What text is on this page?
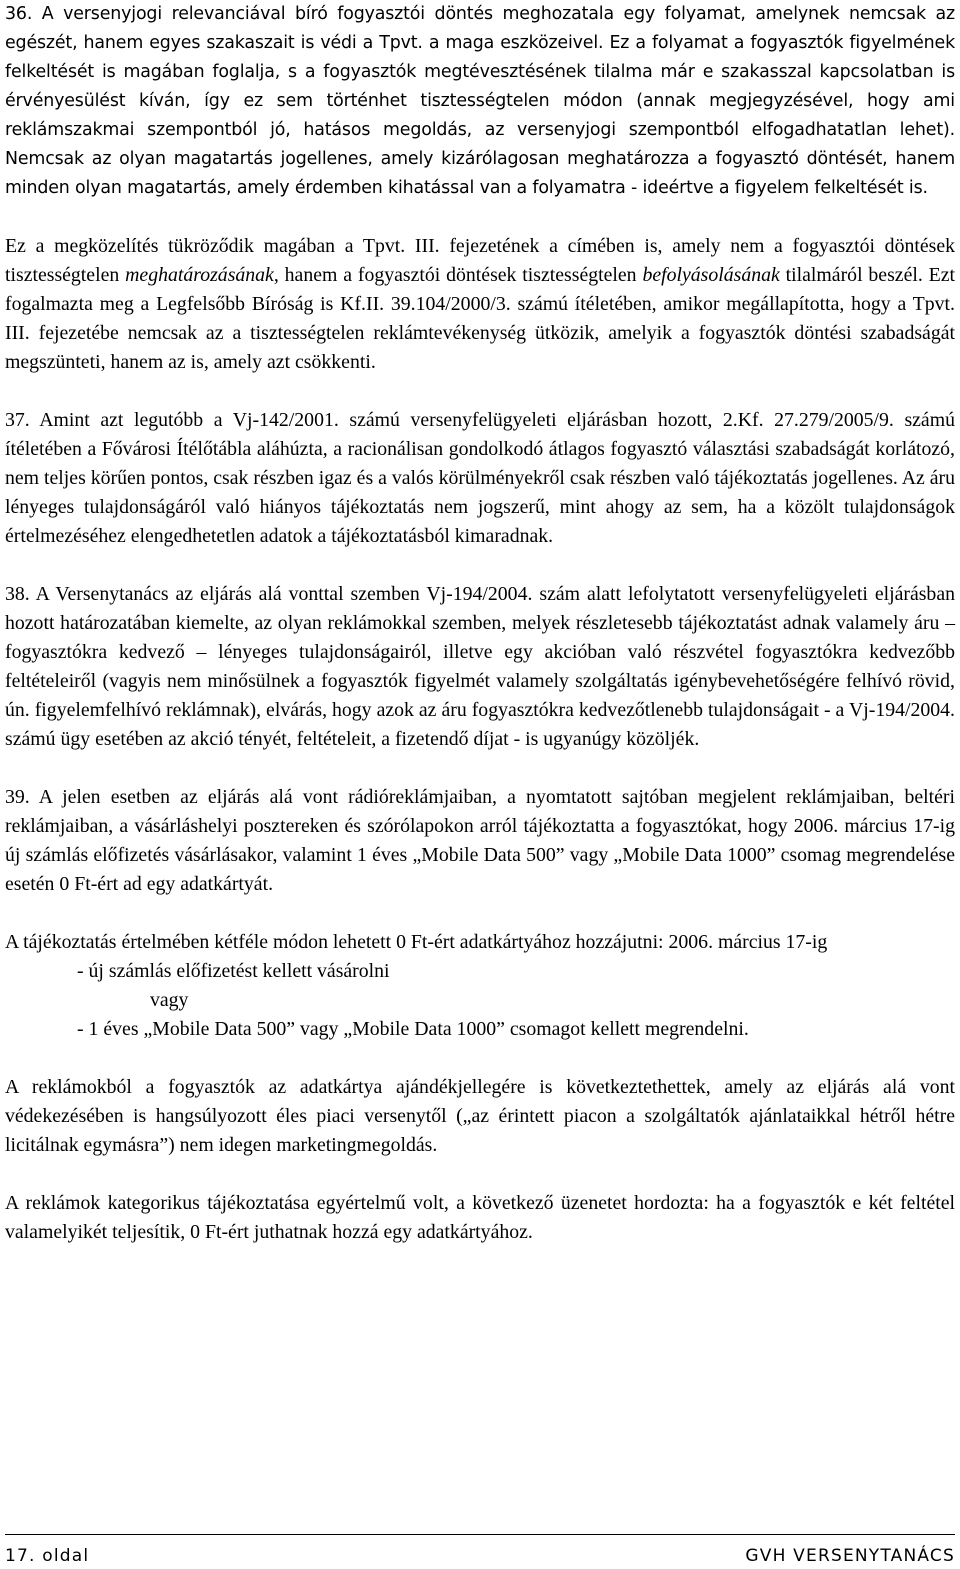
36. A versenyjogi relevanciával bíró fogyasztói döntés meghozatala egy folyamat, amelynek nemcsak az egészét, hanem egyes szakaszait is védi a Tpvt. a maga eszközeivel. Ez a folyamat a fogyasztók figyelmének felkeltését is magában foglalja, s a fogyasztók megtévesztésének tilalma már e szakasszal kapcsolatban is érvényesülést kíván, így ez sem történhet tisztességtelen módon (annak megjegyzésével, hogy ami reklámszakmai szempontból jó, hatásos megoldás, az versenyjogi szempontból elfogadhatatlan lehet). Nemcsak az olyan magatartás jogellenes, amely kizárólagosan meghatározza a fogyasztó döntését, hanem minden olyan magatartás, amely érdemben kihatással van a folyamatra - ideértve a figyelem felkeltését is.

Ez a megközelítés tükröződik magában a Tpvt. III. fejezetének a címében is, amely nem a fogyasztói döntések tisztességtelen meghatározásának, hanem a fogyasztói döntések tisztességtelen befolyásolásának tilalmáról beszél. Ezt fogalmazta meg a Legfelsőbb Bíróság is Kf.II. 39.104/2000/3. számú ítéletében, amikor megállapította, hogy a Tpvt. III. fejezetébe nemcsak az a tisztességtelen reklámtevékenység ütközik, amelyik a fogyasztók döntési szabadságát megszünteti, hanem az is, amely azt csökkenti.

37. Amint azt legutóbb a Vj-142/2001. számú versenyfelügyeleti eljárásban hozott, 2.Kf. 27.279/2005/9. számú ítéletében a Fővárosi Ítélőtábla aláhúzta, a racionálisan gondolkodó átlagos fogyasztó választási szabadságát korlátozó, nem teljes körűen pontos, csak részben igaz és a valós körülményekről csak részben való tájékoztatás jogellenes. Az áru lényeges tulajdonságáról való hiányos tájékoztatás nem jogszerű, mint ahogy az sem, ha a közölt tulajdonságok értelmezéséhez elengedhetetlen adatok a tájékoztatásból kimaradnak.

38. A Versenytanács az eljárás alá vonttal szemben Vj-194/2004. szám alatt lefolytatott versenyfelügyeleti eljárásban hozott határozatában kiemelte, az olyan reklámokkal szemben, melyek részletesebb tájékoztatást adnak valamely áru – fogyasztókra kedvező – lényeges tulajdonságairól, illetve egy akcióban való részvétel fogyasztókra kedvezőbb feltételeiről (vagyis nem minősülnek a fogyasztók figyelmét valamely szolgáltatás igénybevehetőségére felhívó rövid, ún. figyelemfelhívó reklámnak), elvárás, hogy azok az áru fogyasztókra kedvezőtlenebb tulajdonságait - a Vj-194/2004. számú ügy esetében az akció tényét, feltételeit, a fizetendő díjat - is ugyanúgy közöljék.

39. A jelen esetben az eljárás alá vont rádióreklámjaiban, a nyomtatott sajtóban megjelent reklámjaiban, beltéri reklámjaiban, a vásárláshelyi posztereken és szórólapokon arról tájékoztatta a fogyasztókat, hogy 2006. március 17-ig új számlás előfizetés vásárlásakor, valamint 1 éves „Mobile Data 500” vagy „Mobile Data 1000” csomag megrendelése esetén 0 Ft-ért ad egy adatkártyát.

A tájékoztatás értelmében kétféle módon lehetett 0 Ft-ért adatkártyához hozzájutni: 2006. március 17-ig

- új számlás előfizetést kellett vásárolni

vagy

- 1 éves „Mobile Data 500” vagy „Mobile Data 1000” csomagot kellett megrendelni.

A reklámokból a fogyasztók az adatkártya ajándékjellegére is következtethettek, amely az eljárás alá vont védekezésében is hangsúlyozott éles piaci versenytől („az érintett piacon a szolgáltatók ajánlataikkal hétről hétre licitálnak egymásra”) nem idegen marketingmegoldás.

A reklámok kategorikus tájékoztatása egyértelmű volt, a következő üzenetet hordozta: ha a fogyasztók e két feltétel valamelyikét teljesítik, 0 Ft-ért juthatnak hozzá egy adatkártyához.

17. oldal	GVH VERSENYTANÁCS
